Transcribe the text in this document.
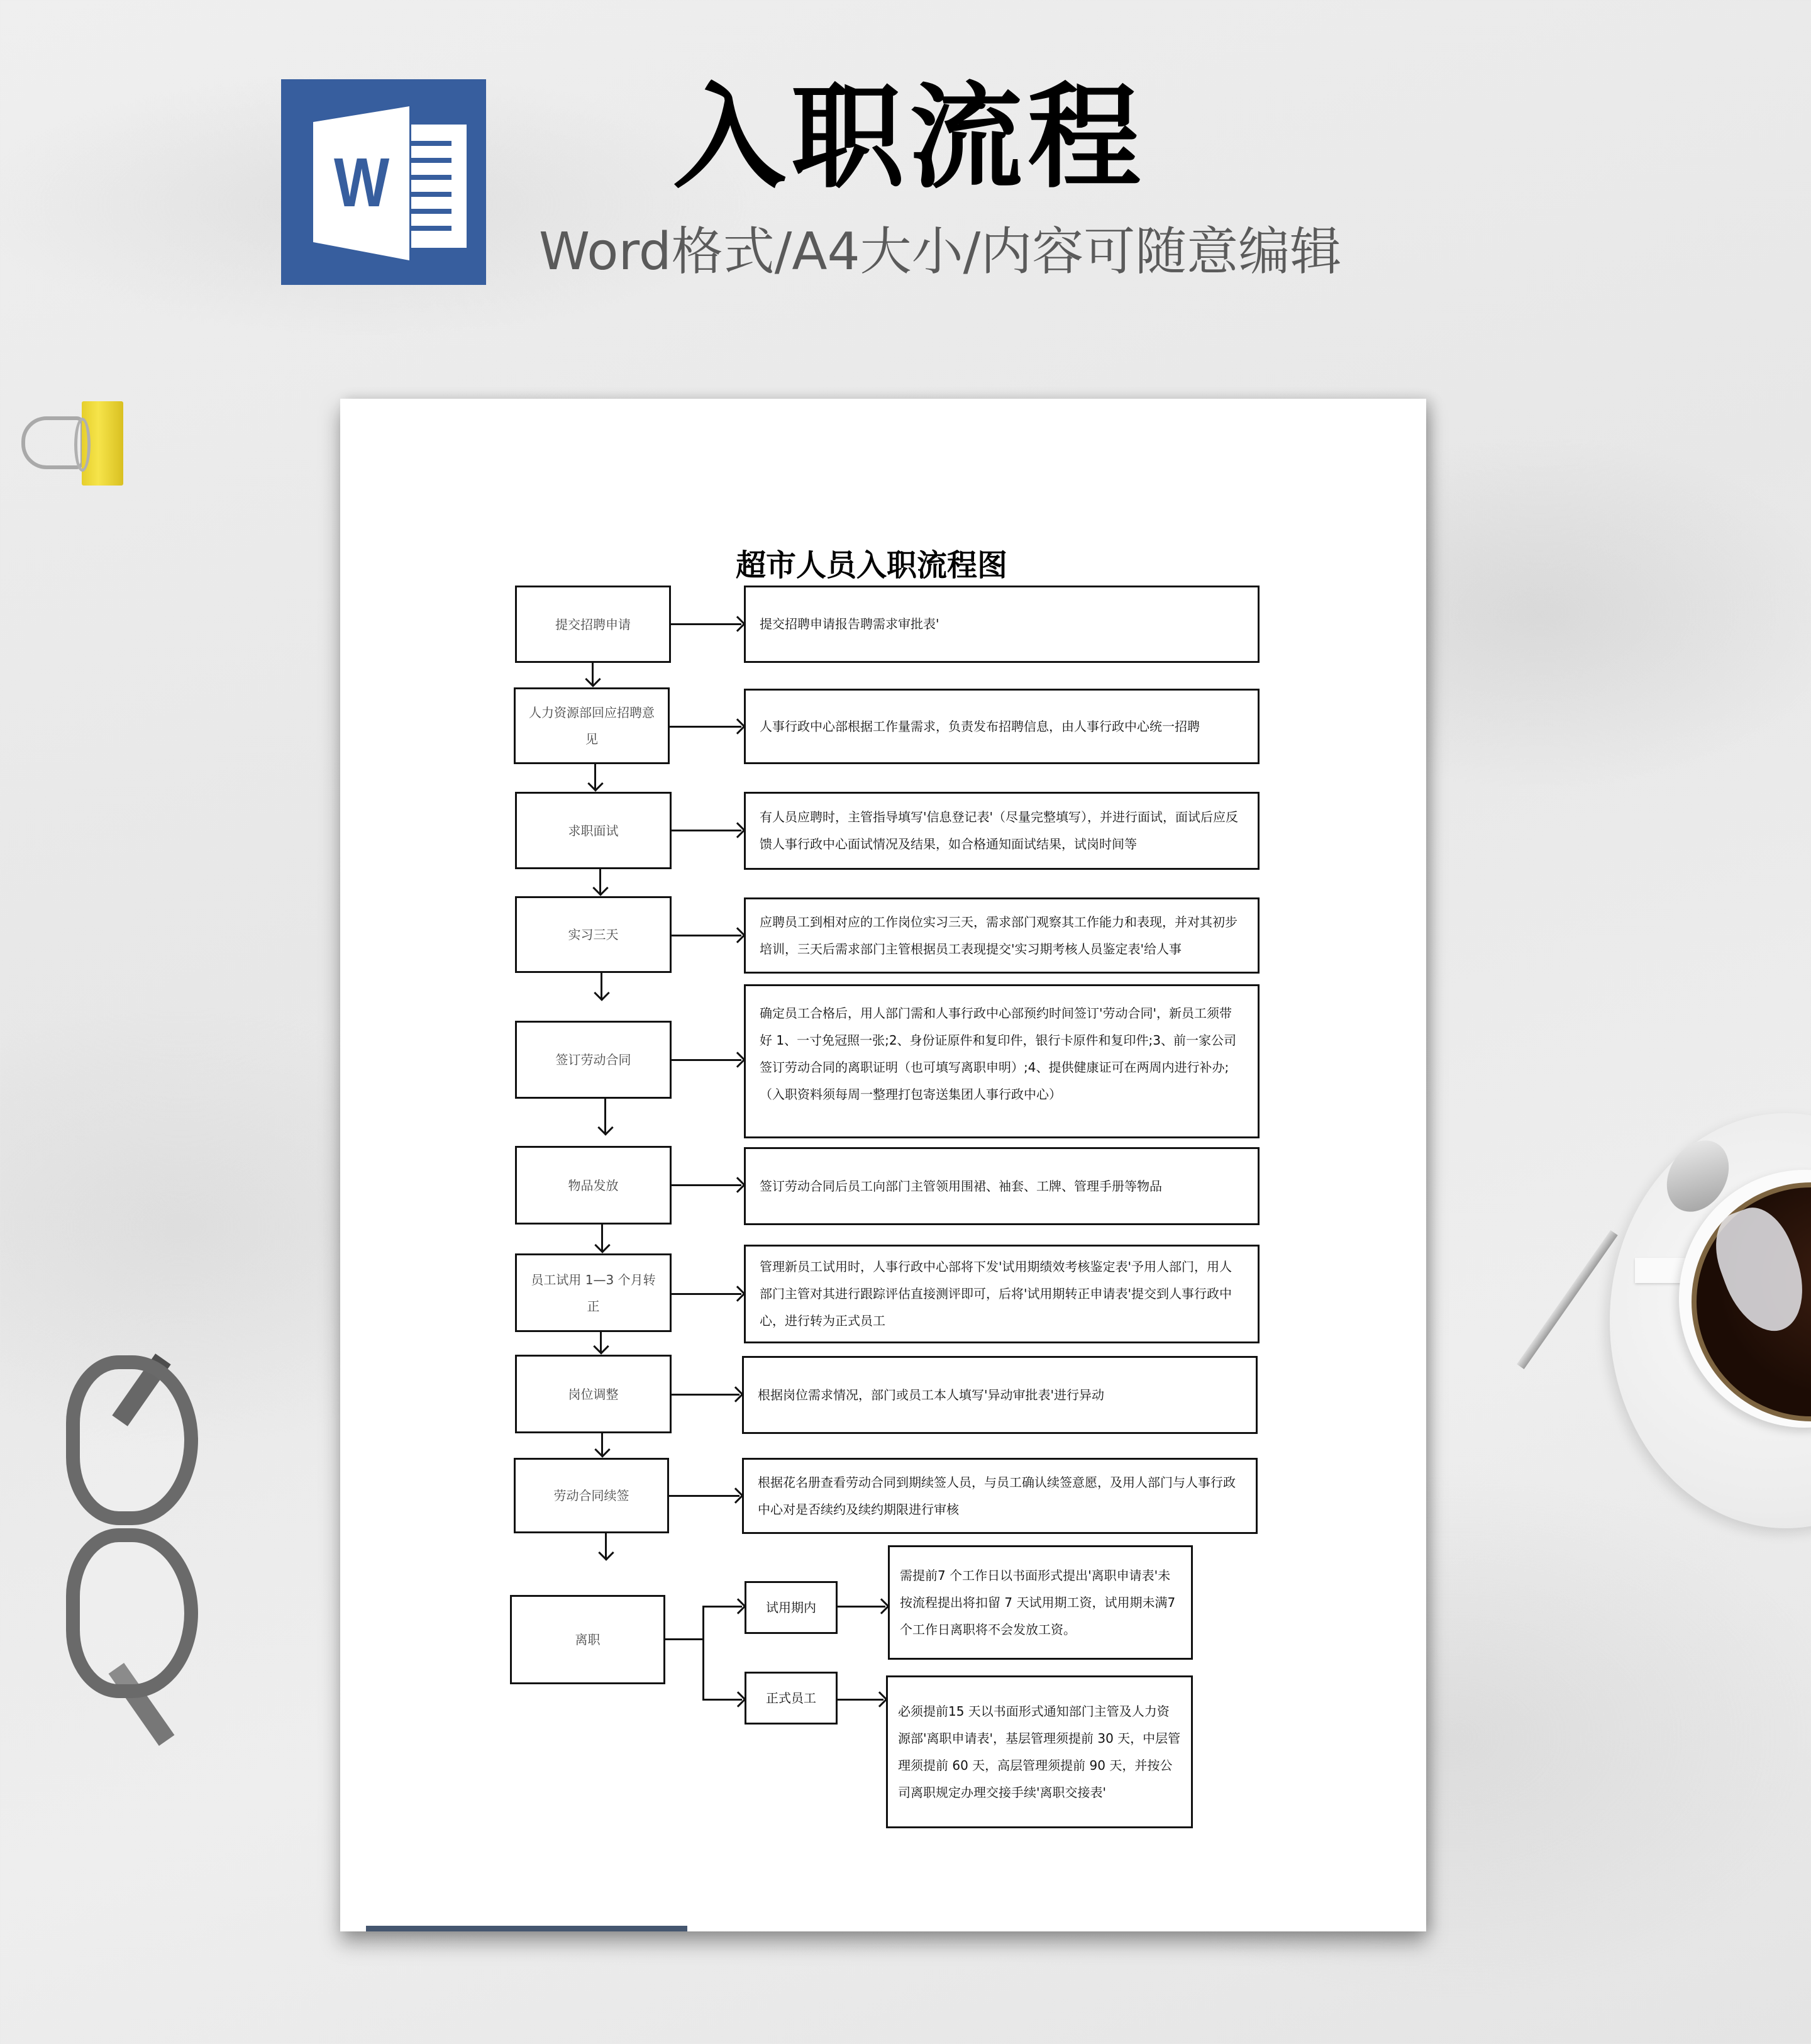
W	入职流程
Word格式/A4大小/内容可随意编辑
超市人员入职流程图
提交招聘申请	提交招聘申请报告聘需求审批表'
人力资源部回应招聘意见
人事行政中心部根据工作量需求，负责发布招聘信息，由人事行政中心统一招聘
求职面试
有人员应聘时，主管指导填写'信息登记表'（尽量完整填写），并进行面试，面试后应反馈人事行政中心面试情况及结果，如合格通知面试结果，试岗时间等
实习三天
应聘员工到相对应的工作岗位实习三天，需求部门观察其工作能力和表现，并对其初步培训，三天后需求部门主管根据员工表现提交'实习期考核人员鉴定表'给人事
签订劳动合同
确定员工合格后，用人部门需和人事行政中心部预约时间签订'劳动合同'，新员工须带好 1、一寸免冠照一张;2、身份证原件和复印件，银行卡原件和复印件;3、前一家公司签订劳动合同的离职证明（也可填写离职申明）;4、提供健康证可在两周内进行补办;（入职资料须每周一整理打包寄送集团人事行政中心）
物品发放	签订劳动合同后员工向部门主管领用围裙、袖套、工牌、管理手册等物品
员工试用 1—3 个月转正
管理新员工试用时，人事行政中心部将下发'试用期绩效考核鉴定表'予用人部门，用人部门主管对其进行跟踪评估直接测评即可，后将'试用期转正申请表'提交到人事行政中心，进行转为正式员工
岗位调整	根据岗位需求情况，部门或员工本人填写'异动审批表'进行异动
劳动合同续签
根据花名册查看劳动合同到期续签人员，与员工确认续签意愿，及用人部门与人事行政中心对是否续约及续约期限进行审核
离职
试用期内
正式员工
需提前7 个工作日以书面形式提出'离职申请表'未按流程提出将扣留 7 天试用期工资，试用期未满7 个工作日离职将不会发放工资。
必须提前15 天以书面形式通知部门主管及人力资源部'离职申请表'，基层管理须提前 30 天，中层管理须提前 60 天，高层管理须提前 90 天，并按公司离职规定办理交接手续'离职交接表'
